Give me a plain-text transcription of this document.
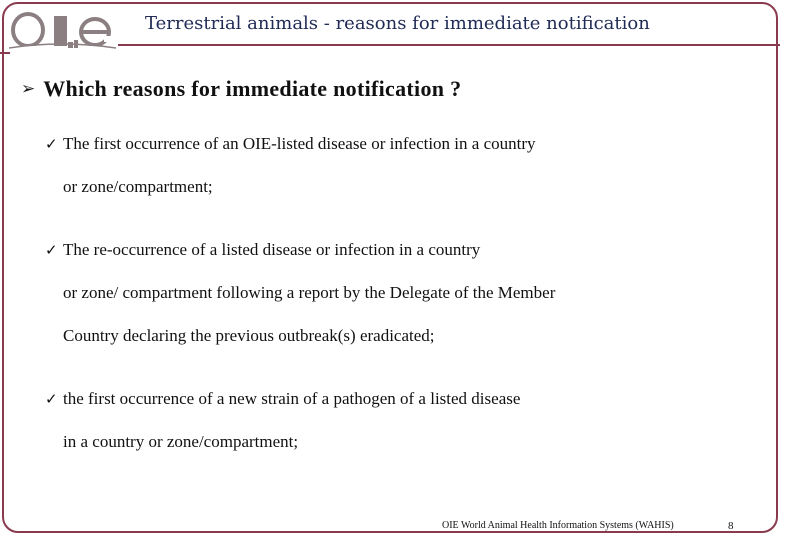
Terrestrial animals - reasons for immediate notification
➢ Which reasons for immediate notification ?
✓ The first occurrence of an OIE-listed disease or infection in a country
or zone/compartment;
✓ The re-occurrence of a listed disease or infection in a country
or zone/ compartment following a report by the Delegate of the Member
Country declaring the previous outbreak(s) eradicated;
✓ the first occurrence of a new strain of a pathogen of a listed disease
in a country or zone/compartment;
OIE World Animal Health Information Systems (WAHIS)	8
